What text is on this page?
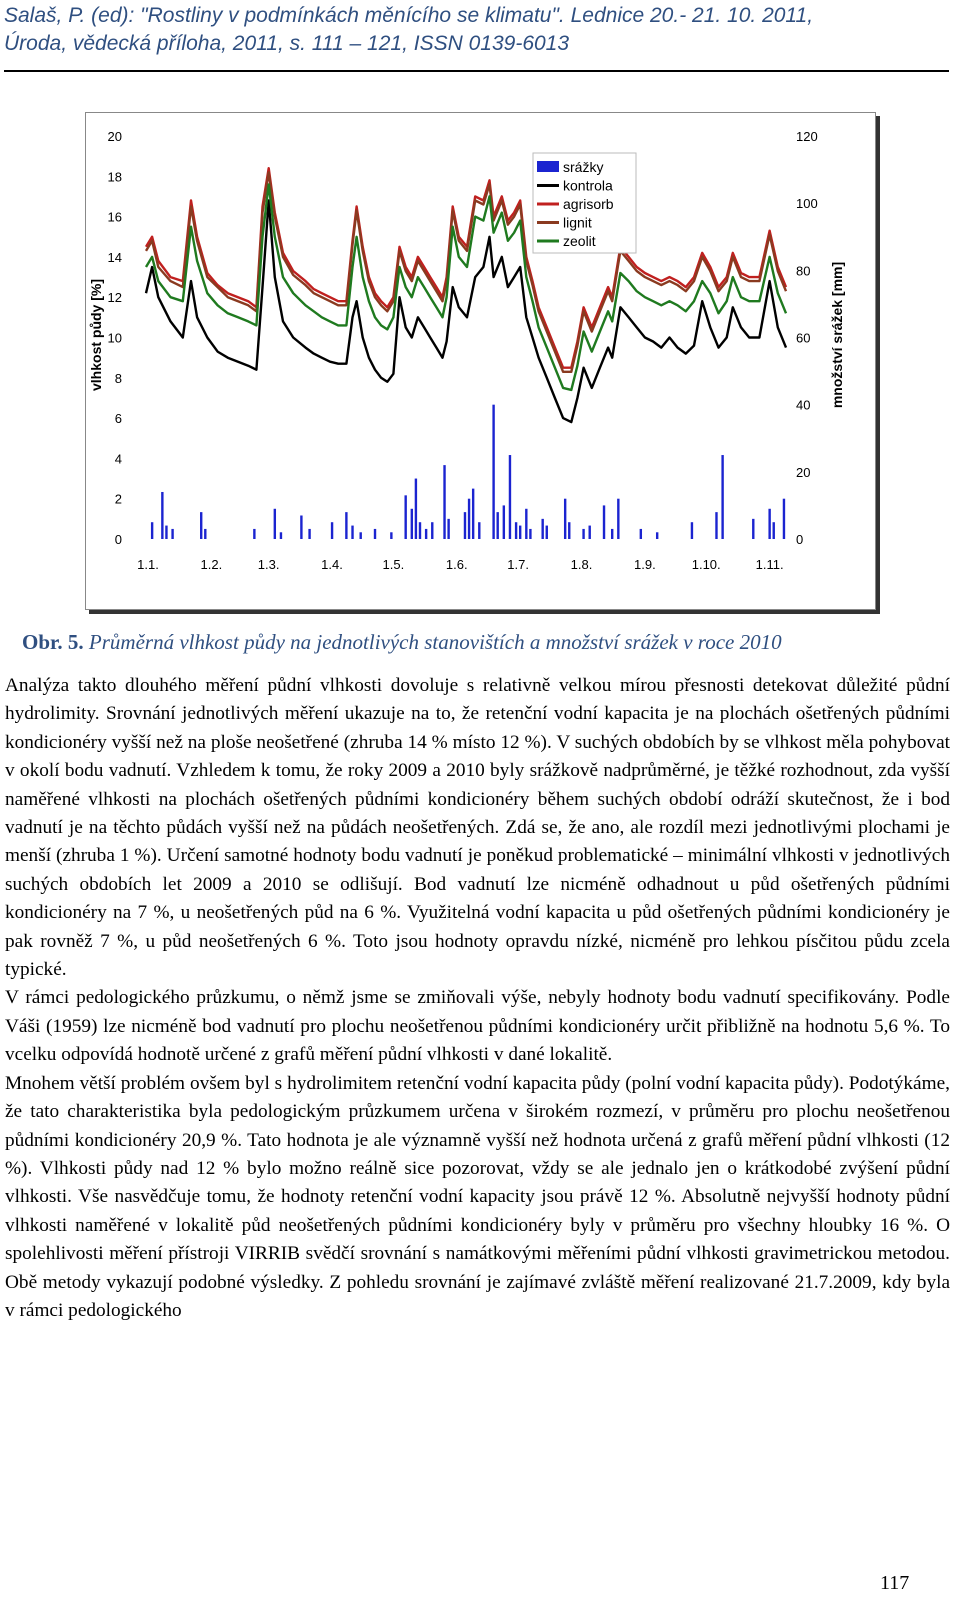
Salaš, P. (ed): "Rostliny v podmínkách měnícího se klimatu". Lednice 20.- 21. 10. 2011,
Úroda, vědecká příloha, 2011, s. 111 – 121, ISSN 0139-6013
0
2
4
6
8
10
12
14
16
18
20
0
20
40
60
80
100
120
1.1.	1.2.	1.3.	1.4.	1.5.	1.6.	1.7.	1.8.	1.9.	1.10.	1.11.
vlhkost půdy [%]	množství srážek [mm]
srážky
kontrola
agrisorb
lignit
zeolit
Obr. 5. Průměrná vlhkost půdy na jednotlivých stanovištích a množství srážek v roce 2010

Analýza takto dlouhého měření půdní vlhkosti dovoluje s relativně velkou mírou přesnosti detekovat důležité půdní hydrolimity. Srovnání jednotlivých měření ukazuje na to, že retenční vodní kapacita je na plochách ošetřených půdními kondicionéry vyšší než na ploše neošetřené (zhruba 14 % místo 12 %). V suchých obdobích by se vlhkost měla pohybovat v okolí bodu vadnutí. Vzhledem k tomu, že roky 2009 a 2010 byly srážkově nadprůměrné, je těžké rozhodnout, zda vyšší naměřené vlhkosti na plochách ošetřených půdními kondicionéry během suchých období odráží skutečnost, že i bod vadnutí je na těchto půdách vyšší než na půdách neošetřených. Zdá se, že ano, ale rozdíl mezi jednotlivými plochami je menší (zhruba 1 %). Určení samotné hodnoty bodu vadnutí je poněkud problematické – minimální vlhkosti v jednotlivých suchých obdobích let 2009 a 2010 se odlišují. Bod vadnutí lze nicméně odhadnout u půd ošetřených půdními kondicionéry na 7 %, u neošetřených půd na 6 %. Využitelná vodní kapacita u půd ošetřených půdními kondicionéry je pak rovněž 7 %, u půd neošetřených 6 %. Toto jsou hodnoty opravdu nízké, nicméně pro lehkou písčitou půdu zcela typické.

V rámci pedologického průzkumu, o němž jsme se zmiňovali výše, nebyly hodnoty bodu vadnutí specifikovány. Podle Váši (1959) lze nicméně bod vadnutí pro plochu neošetřenou půdními kondicionéry určit přibližně na hodnotu 5,6 %. To vcelku odpovídá hodnotě určené z grafů měření půdní vlhkosti v dané lokalitě.

Mnohem větší problém ovšem byl s hydrolimitem retenční vodní kapacita půdy (polní vodní kapacita půdy). Podotýkáme, že tato charakteristika byla pedologickým průzkumem určena v širokém rozmezí, v průměru pro plochu neošetřenou půdními kondicionéry 20,9 %. Tato hodnota je ale významně vyšší než hodnota určená z grafů měření půdní vlhkosti (12 %). Vlhkosti půdy nad 12 % bylo možno reálně sice pozorovat, vždy se ale jednalo jen o krátkodobé zvýšení půdní vlhkosti. Vše nasvědčuje tomu, že hodnoty retenční vodní kapacity jsou právě 12 %. Absolutně nejvyšší hodnoty půdní vlhkosti naměřené v lokalitě půd neošetřených půdními kondicionéry byly v průměru pro všechny hloubky 16 %. O spolehlivosti měření přístroji VIRRIB svědčí srovnání s namátkovými měřeními půdní vlhkosti gravimetrickou metodou. Obě metody vykazují podobné výsledky. Z pohledu srovnání je zajímavé zvláště měření realizované 21.7.2009, kdy byla v rámci pedologického

117
